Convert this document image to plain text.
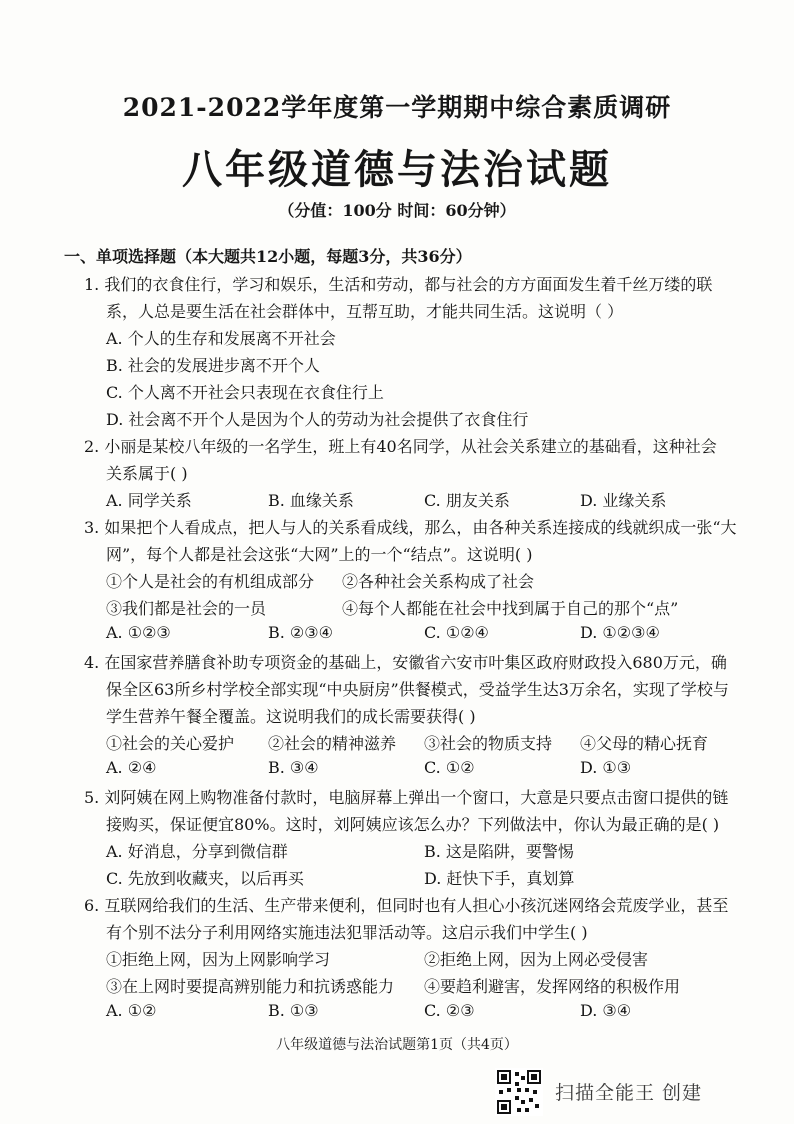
2021-2022学年度第一学期期中综合素质调研
八年级道德与法治试题
（分值：100分 时间：60分钟）
一、单项选择题（本大题共12小题，每题3分，共36分）
1. 我们的衣食住行，学习和娱乐，生活和劳动，都与社会的方方面面发生着千丝万缕的联
系，人总是要生活在社会群体中，互帮互助，才能共同生活。这说明（ ）
A. 个人的生存和发展离不开社会
B. 社会的发展进步离不开个人
C. 个人离不开社会只表现在衣食住行上
D. 社会离不开个人是因为个人的劳动为社会提供了衣食住行
2. 小丽是某校八年级的一名学生，班上有40名同学，从社会关系建立的基础看，这种社会
关系属于( )
A. 同学关系	B. 血缘关系	C. 朋友关系	D. 业缘关系
3. 如果把个人看成点，把人与人的关系看成线，那么，由各种关系连接成的线就织成一张“大
网”，每个人都是社会这张“大网”上的一个“结点”。这说明( )
①个人是社会的有机组成部分 ②各种社会关系构成了社会
③我们都是社会的一员	④每个人都能在社会中找到属于自己的那个“点”
A. ①②③	B. ②③④	C. ①②④	D. ①②③④
4. 在国家营养膳食补助专项资金的基础上，安徽省六安市叶集区政府财政投入680万元，确
保全区63所乡村学校全部实现“中央厨房”供餐模式，受益学生达3万余名，实现了学校与
学生营养午餐全覆盖。这说明我们的成长需要获得( )
①社会的关心爱护 ②社会的精神滋养 ③社会的物质支持 ④父母的精心抚育
A. ②④	B. ③④	C. ①②	D. ①③
5. 刘阿姨在网上购物准备付款时，电脑屏幕上弹出一个窗口，大意是只要点击窗口提供的链
接购买，保证便宜80%。这时，刘阿姨应该怎么办？下列做法中，你认为最正确的是( )
A. 好消息，分享到微信群	B. 这是陷阱，要警惕
C. 先放到收藏夹，以后再买	D. 赶快下手，真划算
6. 互联网给我们的生活、生产带来便利，但同时也有人担心小孩沉迷网络会荒废学业，甚至
有个别不法分子利用网络实施违法犯罪活动等。这启示我们中学生( )
①拒绝上网，因为上网影响学习	②拒绝上网，因为上网必受侵害
③在上网时要提高辨别能力和抗诱惑能力 ④要趋利避害，发挥网络的积极作用
A. ①②	B. ①③	C. ②③	D. ③④
八年级道德与法治试题第1页（共4页）
扫描全能王 创建
